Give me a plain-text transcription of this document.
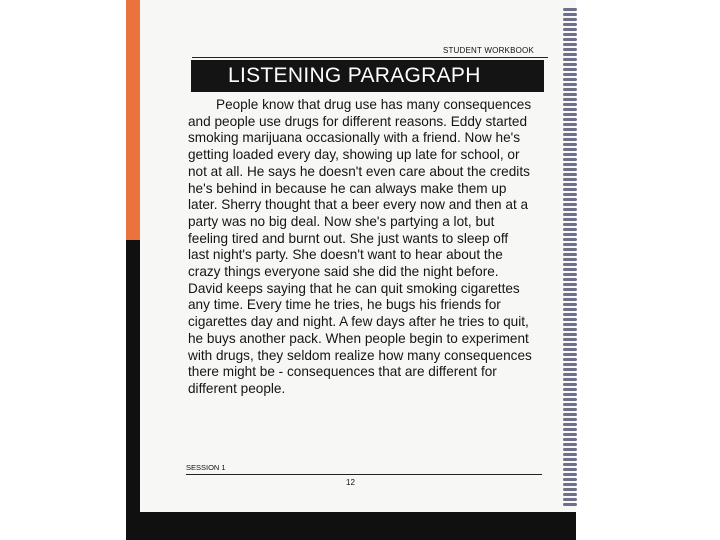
STUDENT WORKBOOK
LISTENING PARAGRAPH

People know that drug use has many consequences and people use drugs for different reasons. Eddy started smoking marijuana occasionally with a friend. Now he's getting loaded every day, showing up late for school, or not at all. He says he doesn't even care about the credits he's behind in because he can always make them up later. Sherry thought that a beer every now and then at a party was no big deal. Now she's partying a lot, but feeling tired and burnt out. She just wants to sleep off last night's party. She doesn't want to hear about the crazy things everyone said she did the night before. David keeps saying that he can quit smoking cigarettes any time. Every time he tries, he bugs his friends for cigarettes day and night. A few days after he tries to quit, he buys another pack. When people begin to experiment with drugs, they seldom realize how many consequences there might be - consequences that are different for different people.

SESSION 1
12
